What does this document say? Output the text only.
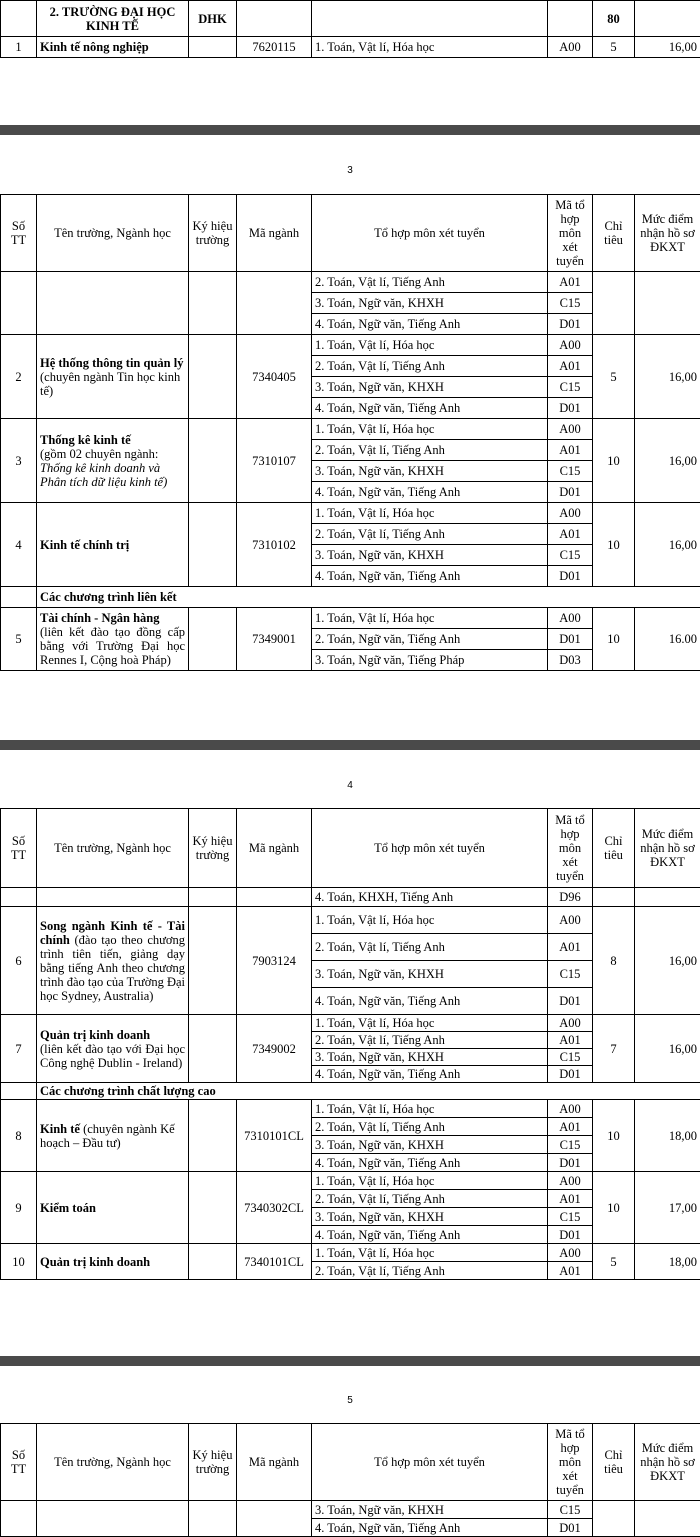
	2. TRƯỜNG ĐẠI HỌC KINH TẾ	DHK				80	
1	Kinh tế nông nghiệp		7620115	1. Toán, Vật lí, Hóa học	A00	5	16,00
3
Số TT	Tên trường, Ngành học	Ký hiệu trường	Mã ngành	Tổ hợp môn xét tuyển	Mã tổ hợp môn xét tuyển	Chỉ tiêu	Mức điểm nhận hồ sơ ĐKXT
				2. Toán, Vật lí, Tiếng Anh	A01		
				3. Toán, Ngữ văn, KHXH	C15		
				4. Toán, Ngữ văn, Tiếng Anh	D01		
2	Hệ thống thông tin quản lý (chuyên ngành Tin học kinh tế)		7340405	1. Toán, Vật lí, Hóa học	A00	5	16,00
				2. Toán, Vật lí, Tiếng Anh	A01		
				3. Toán, Ngữ văn, KHXH	C15		
				4. Toán, Ngữ văn, Tiếng Anh	D01		
3	Thống kê kinh tế
(gồm 02 chuyên ngành:
Thống kê kinh doanh và Phân tích dữ liệu kinh tế)		7310107	1. Toán, Vật lí, Hóa học	A00	10	16,00
				2. Toán, Vật lí, Tiếng Anh	A01		
				3. Toán, Ngữ văn, KHXH	C15		
				4. Toán, Ngữ văn, Tiếng Anh	D01		
4	Kinh tế chính trị		7310102	1. Toán, Vật lí, Hóa học	A00	10	16,00
				2. Toán, Vật lí, Tiếng Anh	A01		
				3. Toán, Ngữ văn, KHXH	C15		
				4. Toán, Ngữ văn, Tiếng Anh	D01		
	Các chương trình liên kết						
5	Tài chính - Ngân hàng
(liên kết đào tạo đồng cấp bằng với Trường Đại học Rennes I, Cộng hoà Pháp)		7349001	1. Toán, Vật lí, Hóa học	A00	10	16.00
				2. Toán, Ngữ văn, Tiếng Anh	D01		
				3. Toán, Ngữ văn, Tiếng Pháp	D03		
4
Số TT	Tên trường, Ngành học	Ký hiệu trường	Mã ngành	Tổ hợp môn xét tuyển	Mã tổ hợp môn xét tuyển	Chỉ tiêu	Mức điểm nhận hồ sơ ĐKXT
				4. Toán, KHXH, Tiếng Anh	D96		
6	Song ngành Kinh tế - Tài chính (đào tạo theo chương trình tiên tiến, giảng dạy bằng tiếng Anh theo chương trình đào tạo của Trường Đại học Sydney, Australia)		7903124	1. Toán, Vật lí, Hóa học	A00	8	16,00
				2. Toán, Vật lí, Tiếng Anh	A01		
				3. Toán, Ngữ văn, KHXH	C15		
				4. Toán, Ngữ văn, Tiếng Anh	D01		
7	Quản trị kinh doanh
(liên kết đào tạo với Đại học Công nghệ Dublin - Ireland)		7349002	1. Toán, Vật lí, Hóa học	A00	7	16,00
				2. Toán, Vật lí, Tiếng Anh	A01		
				3. Toán, Ngữ văn, KHXH	C15		
				4. Toán, Ngữ văn, Tiếng Anh	D01		
	Các chương trình chất lượng cao						
8	Kinh tế (chuyên ngành Kế hoạch – Đầu tư)		7310101CL	1. Toán, Vật lí, Hóa học	A00	10	18,00
				2. Toán, Vật lí, Tiếng Anh	A01		
				3. Toán, Ngữ văn, KHXH	C15		
				4. Toán, Ngữ văn, Tiếng Anh	D01		
9	Kiểm toán		7340302CL	1. Toán, Vật lí, Hóa học	A00	10	17,00
				2. Toán, Vật lí, Tiếng Anh	A01		
				3. Toán, Ngữ văn, KHXH	C15		
				4. Toán, Ngữ văn, Tiếng Anh	D01		
10	Quản trị kinh doanh		7340101CL	1. Toán, Vật lí, Hóa học	A00	5	18,00
				2. Toán, Vật lí, Tiếng Anh	A01		
5
Số TT	Tên trường, Ngành học	Ký hiệu trường	Mã ngành	Tổ hợp môn xét tuyển	Mã tổ hợp môn xét tuyển	Chỉ tiêu	Mức điểm nhận hồ sơ ĐKXT
				3. Toán, Ngữ văn, KHXH	C15		
				4. Toán, Ngữ văn, Tiếng Anh	D01		
